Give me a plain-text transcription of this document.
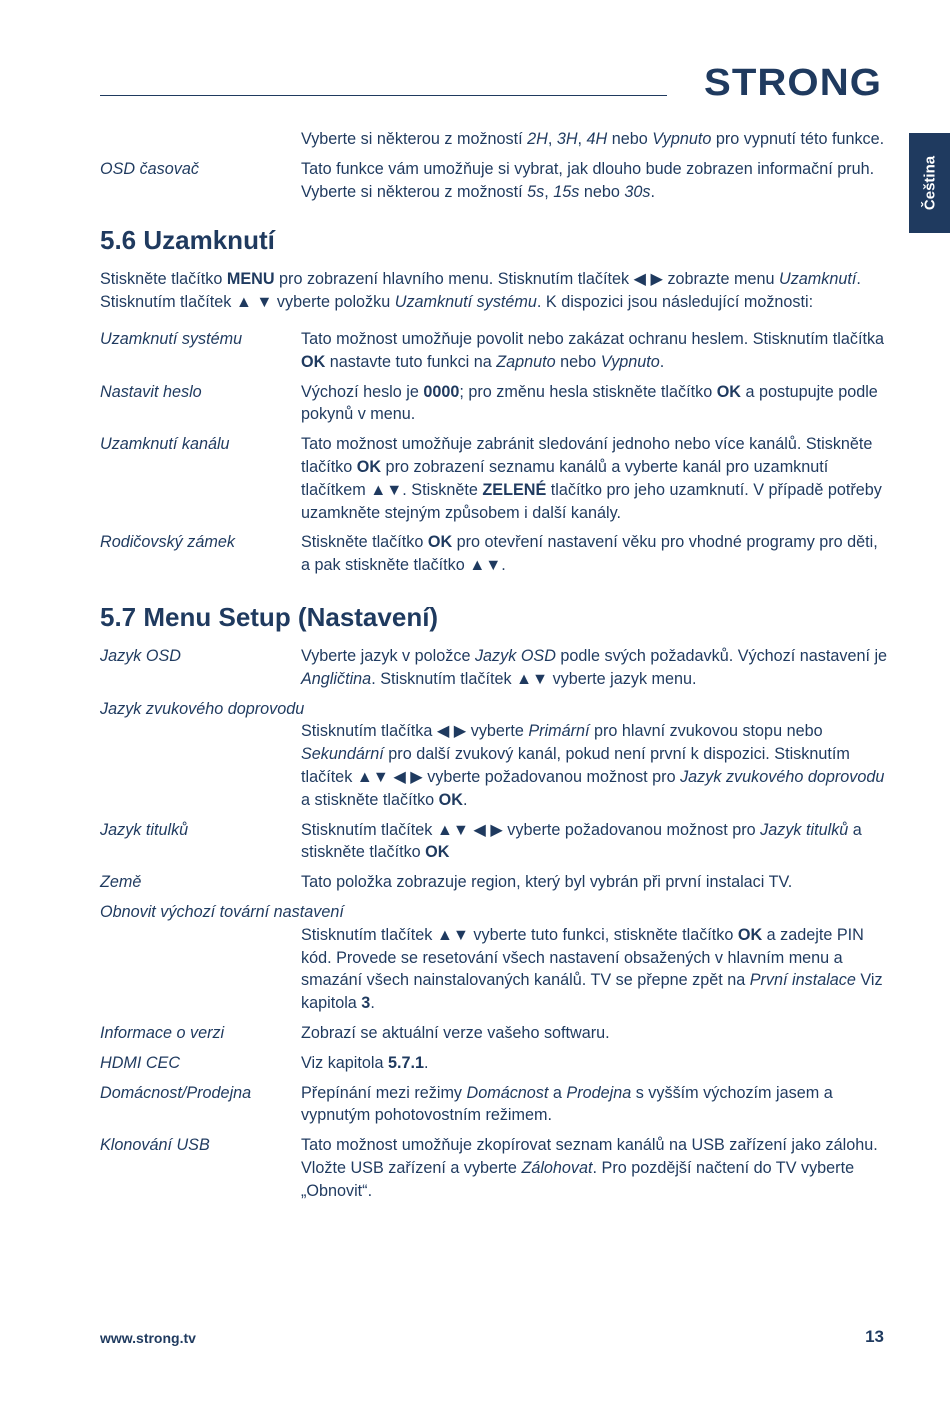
STRONG
Čeština
Vyberte si některou z možností 2H, 3H, 4H nebo Vypnuto pro vypnutí této funkce.
OSD časovač	Tato funkce vám umožňuje si vybrat, jak dlouho bude zobrazen informační pruh. Vyberte si některou z možností 5s, 15s nebo 30s.
5.6 Uzamknutí
Stiskněte tlačítko MENU pro zobrazení hlavního menu. Stisknutím tlačítek ◀ ▶ zobrazte menu Uzamknutí. Stisknutím tlačítek ▲ ▼ vyberte položku Uzamknutí systému. K dispozici jsou následující možnosti:
Uzamknutí systému	Tato možnost umožňuje povolit nebo zakázat ochranu heslem. Stisknutím tlačítka OK nastavte tuto funkci na Zapnuto nebo Vypnuto.
Nastavit heslo	Výchozí heslo je 0000; pro změnu hesla stiskněte tlačítko OK a postupujte podle pokynů v menu.
Uzamknutí kanálu	Tato možnost umožňuje zabránit sledování jednoho nebo více kanálů. Stiskněte tlačítko OK pro zobrazení seznamu kanálů a vyberte kanál pro uzamknutí tlačítkem ▲▼. Stiskněte ZELENÉ tlačítko pro jeho uzamknutí. V případě potřeby uzamkněte stejným způsobem i další kanály.
Rodičovský zámek	Stiskněte tlačítko OK pro otevření nastavení věku pro vhodné programy pro děti, a pak stiskněte tlačítko ▲▼.
5.7 Menu Setup (Nastavení)
Jazyk OSD	Vyberte jazyk v položce Jazyk OSD podle svých požadavků. Výchozí nastavení je Angličtina. Stisknutím tlačítek ▲▼ vyberte jazyk menu.
Jazyk zvukového doprovodu
Stisknutím tlačítka ◀ ▶ vyberte Primární pro hlavní zvukovou stopu nebo Sekundární pro další zvukový kanál, pokud není první k dispozici. Stisknutím tlačítek ▲▼ ◀ ▶ vyberte požadovanou možnost pro Jazyk zvukového doprovodu a stiskněte tlačítko OK.
Jazyk titulků	Stisknutím tlačítek ▲▼ ◀ ▶ vyberte požadovanou možnost pro Jazyk titulků a stiskněte tlačítko OK
Země	Tato položka zobrazuje region, který byl vybrán při první instalaci TV.
Obnovit výchozí tovární nastavení
Stisknutím tlačítek ▲▼ vyberte tuto funkci, stiskněte tlačítko OK a zadejte PIN kód. Provede se resetování všech nastavení obsažených v hlavním menu a smazání všech nainstalovaných kanálů. TV se přepne zpět na První instalace Viz kapitola 3.
Informace o verzi	Zobrazí se aktuální verze vašeho softwaru.
HDMI CEC	Viz kapitola 5.7.1.
Domácnost/Prodejna	Přepínání mezi režimy Domácnost a Prodejna s vyšším výchozím jasem a vypnutým pohotovostním režimem.
Klonování USB	Tato možnost umožňuje zkopírovat seznam kanálů na USB zařízení jako zálohu. Vložte USB zařízení a vyberte Zálohovat. Pro pozdější načtení do TV vyberte „Obnovit“.
www.strong.tv	13
